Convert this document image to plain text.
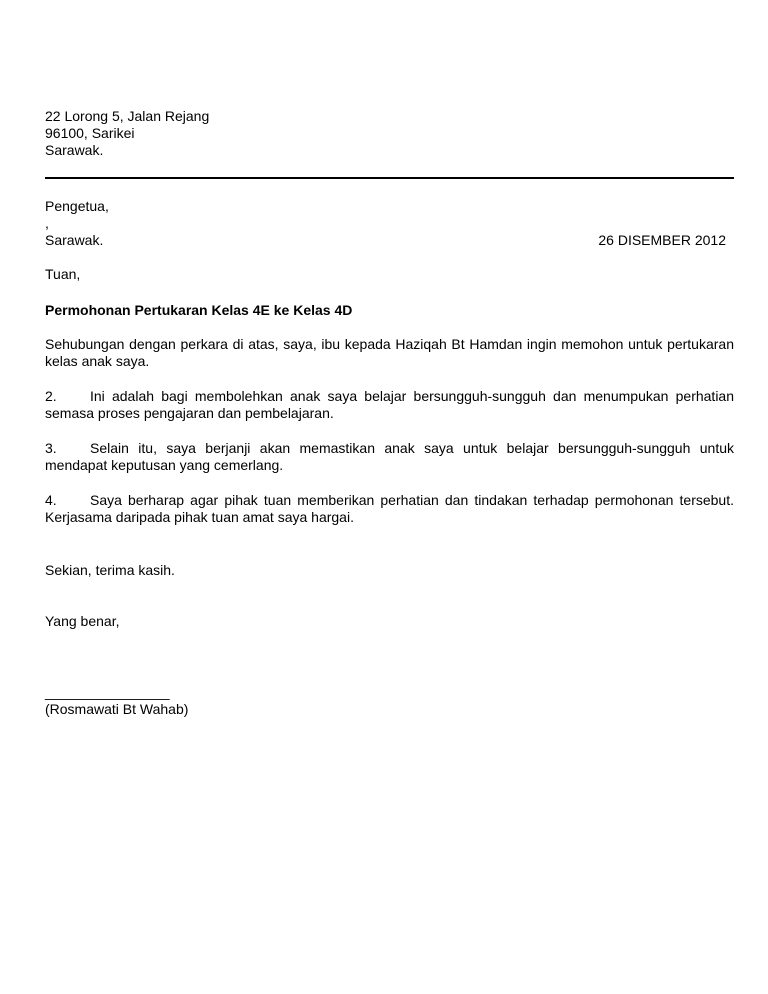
22 Lorong 5, Jalan Rejang
96100, Sarikei
Sarawak.
Pengetua,
,
Sarawak.	26 DISEMBER 2012
Tuan,
Permohonan Pertukaran Kelas 4E ke Kelas 4D
Sehubungan dengan perkara di atas, saya, ibu kepada Haziqah Bt Hamdan ingin memohon untuk pertukaran kelas anak saya.
2. Ini adalah bagi membolehkan anak saya belajar bersungguh-sungguh dan menumpukan perhatian semasa proses pengajaran dan pembelajaran.
3. Selain itu, saya berjanji akan memastikan anak saya untuk belajar bersungguh-sungguh untuk mendapat keputusan yang cemerlang.
4. Saya berharap agar pihak tuan memberikan perhatian dan tindakan terhadap permohonan tersebut. Kerjasama daripada pihak tuan amat saya hargai.
Sekian, terima kasih.
Yang benar,
________________
(Rosmawati Bt Wahab)
